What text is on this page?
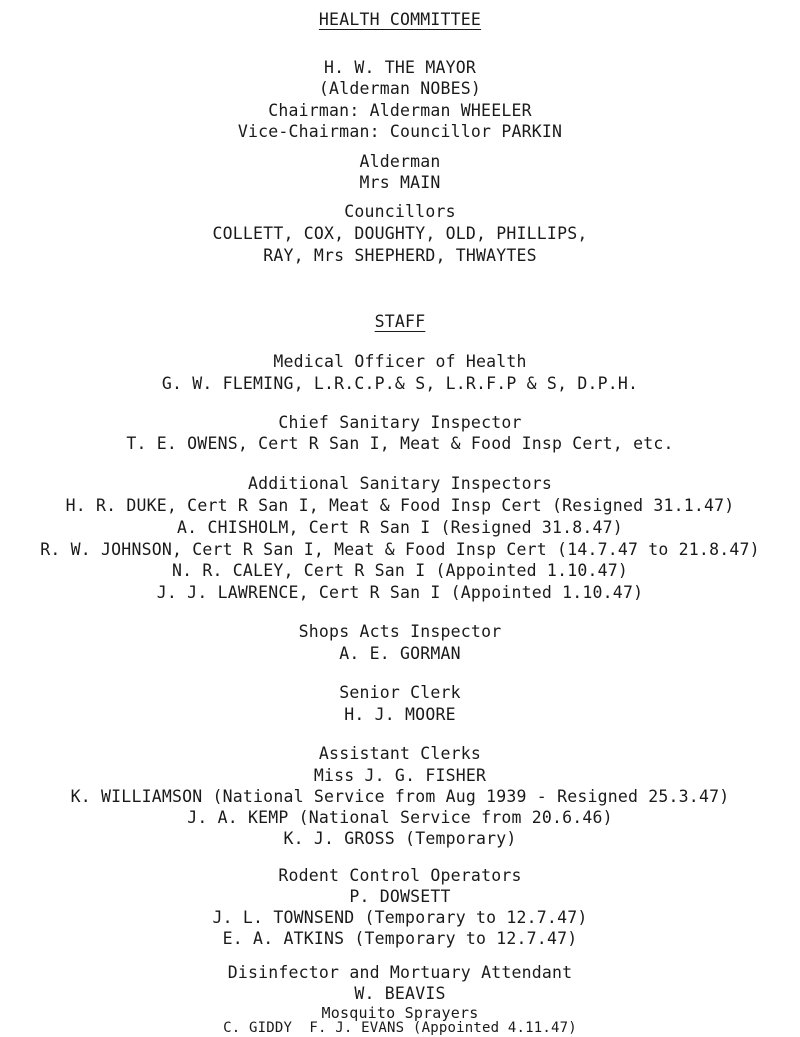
HEALTH COMMITTEE
H. W. THE MAYOR
(Alderman NOBES)
Chairman: Alderman WHEELER
Vice-Chairman: Councillor PARKIN
Alderman
Mrs MAIN
Councillors
COLLETT, COX, DOUGHTY, OLD, PHILLIPS,
RAY, Mrs SHEPHERD, THWAYTES
STAFF
Medical Officer of Health
G. W. FLEMING, L.R.C.P.& S, L.R.F.P & S, D.P.H.
Chief Sanitary Inspector
T. E. OWENS, Cert R San I, Meat & Food Insp Cert, etc.
Additional Sanitary Inspectors
H. R. DUKE, Cert R San I, Meat & Food Insp Cert (Resigned 31.1.47)
A. CHISHOLM, Cert R San I (Resigned 31.8.47)
R. W. JOHNSON, Cert R San I, Meat & Food Insp Cert (14.7.47 to 21.8.47)
N. R. CALEY, Cert R San I (Appointed 1.10.47)
J. J. LAWRENCE, Cert R San I (Appointed 1.10.47)
Shops Acts Inspector
A. E. GORMAN
Senior Clerk
H. J. MOORE
Assistant Clerks
Miss J. G. FISHER
K. WILLIAMSON (National Service from Aug 1939 - Resigned 25.3.47)
J. A. KEMP (National Service from 20.6.46)
K. J. GROSS (Temporary)
Rodent Control Operators
P. DOWSETT
J. L. TOWNSEND (Temporary to 12.7.47)
E. A. ATKINS (Temporary to 12.7.47)
Disinfector and Mortuary Attendant
W. BEAVIS
Mosquito Sprayers
C. GIDDY F. J. EVANS (Appointed 4.11.47)
